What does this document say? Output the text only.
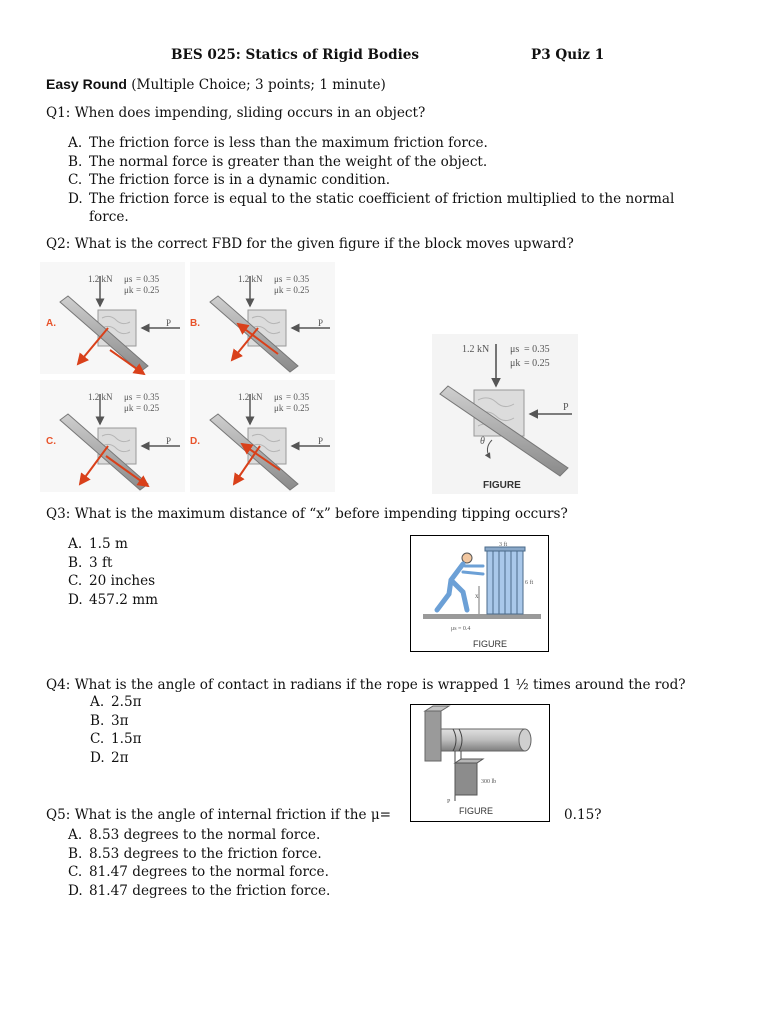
BES 025: Statics of Rigid Bodies	P3 Quiz 1
Easy Round (Multiple Choice; 3 points; 1 minute)
Q1: When does impending, sliding occurs in an object?
A. The friction force is less than the maximum friction force.
B. The normal force is greater than the weight of the object.
C. The friction force is in a dynamic condition.
D. The friction force is equal to the static coefficient of friction multiplied to the normal force.
Q2: What is the correct FBD for the given figure if the block moves upward?
1.2 kN	1.2 kN
1.2 kN	1.2 kN
μs = 0.35
μk = 0.25
μs = 0.35
μk = 0.25
μs = 0.35
μk = 0.25
μs = 0.35
μk = 0.25
P	P
P	P
A.	B.
C.	D.
1.2 kN μs = 0.35
μk = 0.25
P
θ
FIGURE
Q3: What is the maximum distance of “x” before impending tipping occurs?
A. 1.5 m
B. 3 ft
C. 20 inches
D. 457.2 mm	x
3 ft
6 ft
μs = 0.4
FIGURE
Q4: What is the angle of contact in radians if the rope is wrapped 1 ½ times around the rod?
A. 2.5π
B. 3π
C. 1.5π
D. 2π
300 lb
P
FIGURE
Q5: What is the angle of internal friction if the μ=	0.15?
A. 8.53 degrees to the normal force.
B. 8.53 degrees to the friction force.
C. 81.47 degrees to the normal force.
D. 81.47 degrees to the friction force.
